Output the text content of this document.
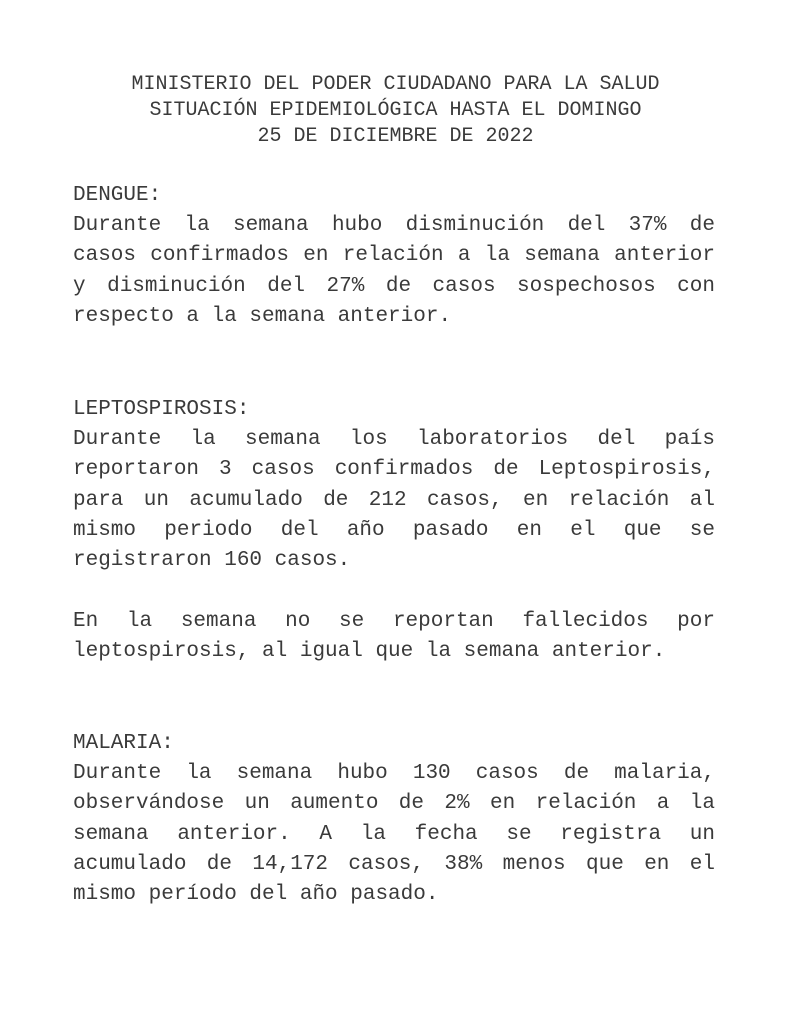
MINISTERIO DEL PODER CIUDADANO PARA LA SALUD
SITUACIÓN EPIDEMIOLÓGICA HASTA EL DOMINGO
25 DE DICIEMBRE DE 2022
DENGUE:
Durante la semana hubo disminución del 37% de casos confirmados en relación a la semana anterior y disminución del 27% de casos sospechosos con respecto a la semana anterior.
LEPTOSPIROSIS:
Durante la semana los laboratorios del país reportaron 3 casos confirmados de Leptospirosis, para un acumulado de 212 casos, en relación al mismo periodo del año pasado en el que se registraron 160 casos.
En la semana no se reportan fallecidos por leptospirosis, al igual que la semana anterior.
MALARIA:
Durante la semana hubo 130 casos de malaria, observándose un aumento de 2% en relación a la semana anterior. A la fecha se registra un acumulado de 14,172 casos, 38% menos que en el mismo período del año pasado.
